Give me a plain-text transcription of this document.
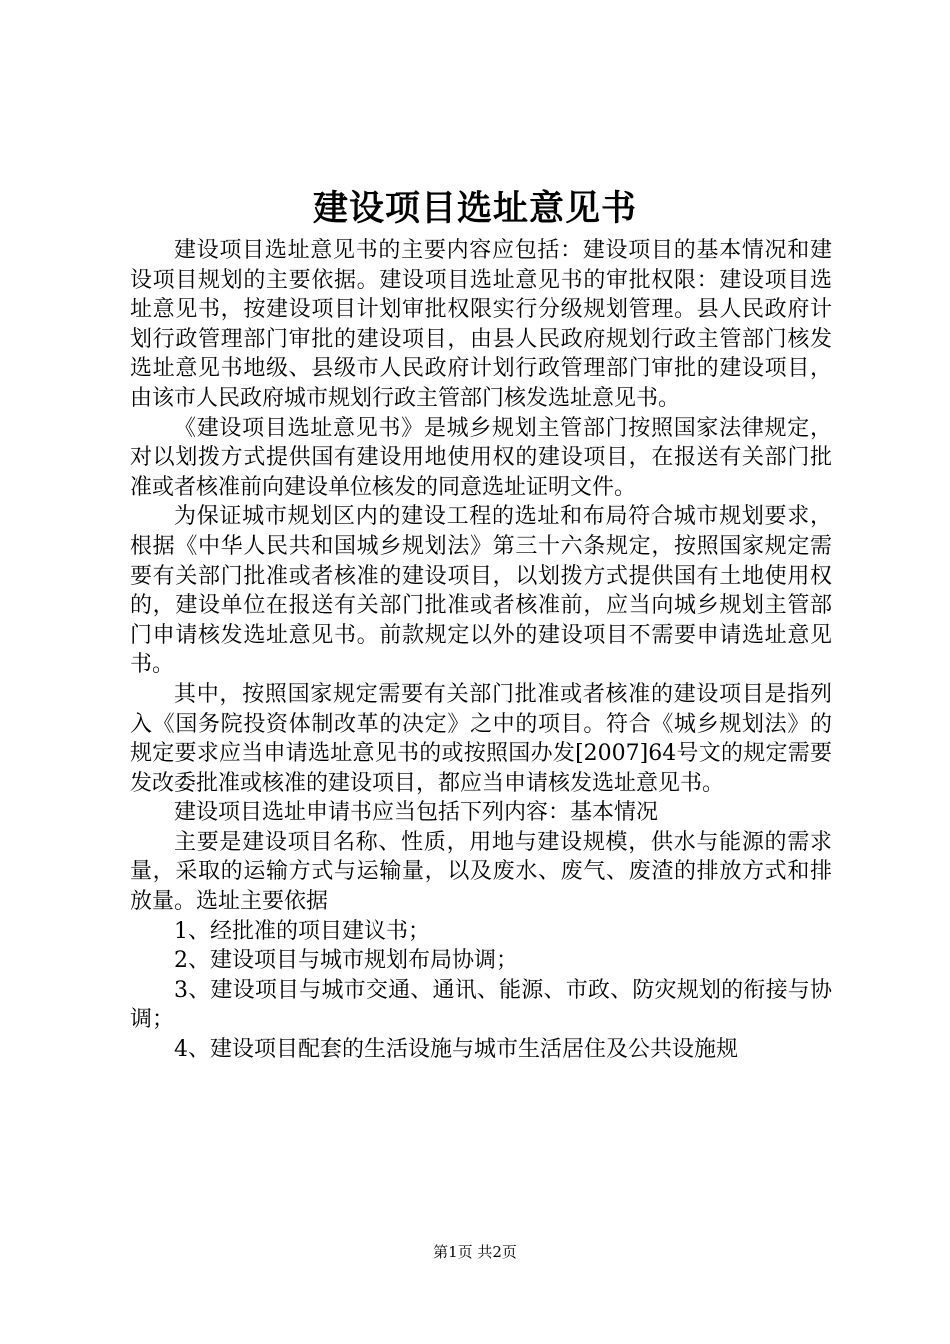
建设项目选址意见书

建设项目选址意见书的主要内容应包括：建设项目的基本情况和建设项目规划的主要依据。建设项目选址意见书的审批权限：建设项目选址意见书，按建设项目计划审批权限实行分级规划管理。县人民政府计划行政管理部门审批的建设项目，由县人民政府规划行政主管部门核发选址意见书地级、县级市人民政府计划行政管理部门审批的建设项目，由该市人民政府城市规划行政主管部门核发选址意见书。

《建设项目选址意见书》是城乡规划主管部门按照国家法律规定，对以划拨方式提供国有建设用地使用权的建设项目，在报送有关部门批准或者核准前向建设单位核发的同意选址证明文件。

为保证城市规划区内的建设工程的选址和布局符合城市规划要求，根据《中华人民共和国城乡规划法》第三十六条规定，按照国家规定需要有关部门批准或者核准的建设项目，以划拨方式提供国有土地使用权的，建设单位在报送有关部门批准或者核准前，应当向城乡规划主管部门申请核发选址意见书。前款规定以外的建设项目不需要申请选址意见书。

其中，按照国家规定需要有关部门批准或者核准的建设项目是指列入《国务院投资体制改革的决定》之中的项目。符合《城乡规划法》的规定要求应当申请选址意见书的或按照国办发[2007]64号文的规定需要发改委批准或核准的建设项目，都应当申请核发选址意见书。

建设项目选址申请书应当包括下列内容：基本情况

主要是建设项目名称、性质，用地与建设规模，供水与能源的需求量，采取的运输方式与运输量，以及废水、废气、废渣的排放方式和排放量。选址主要依据

1、经批准的项目建议书；

2、建设项目与城市规划布局协调；

3、建设项目与城市交通、通讯、能源、市政、防灾规划的衔接与协调；

4、建设项目配套的生活设施与城市生活居住及公共设施规

第1页 共2页
